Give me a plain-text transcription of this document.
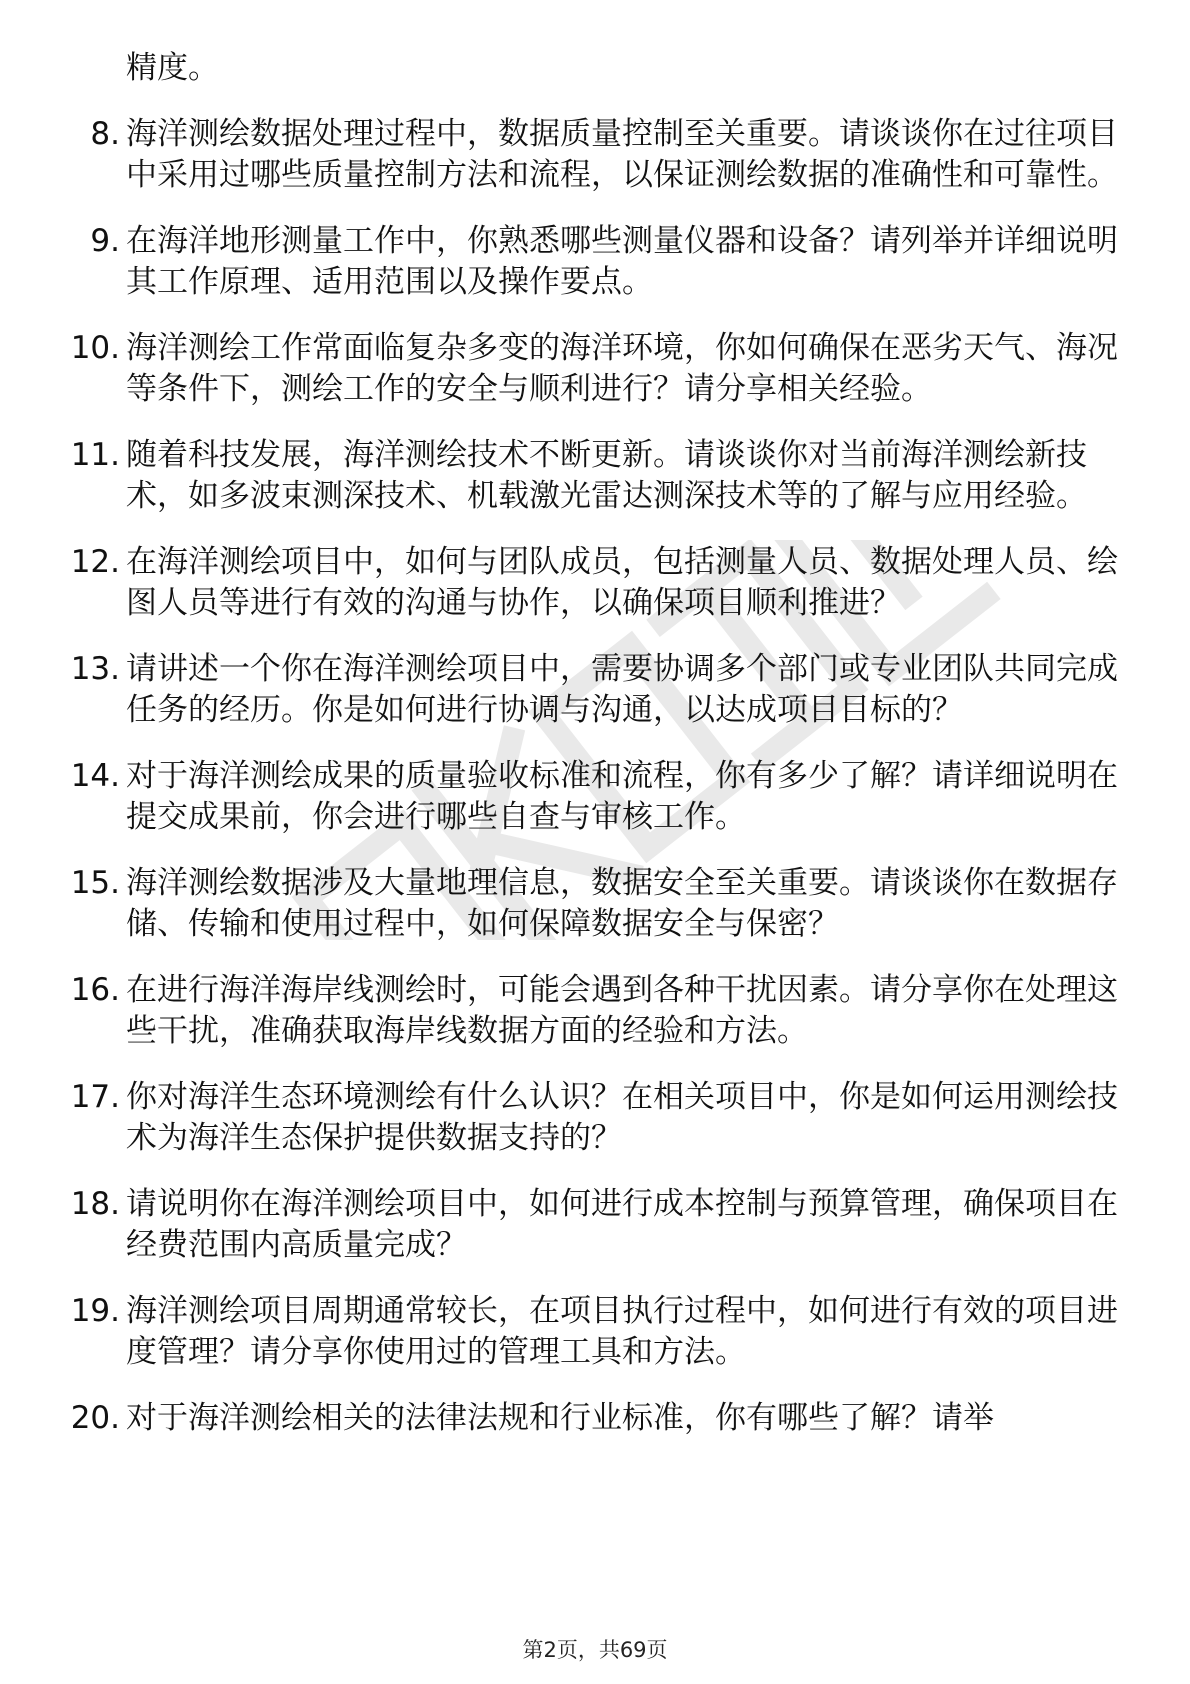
精度。
8. 海洋测绘数据处理过程中，数据质量控制至关重要。请谈谈你在过往项目中采用过哪些质量控制方法和流程，以保证测绘数据的准确性和可靠性。
9. 在海洋地形测量工作中，你熟悉哪些测量仪器和设备？请列举并详细说明其工作原理、适用范围以及操作要点。
10. 海洋测绘工作常面临复杂多变的海洋环境，你如何确保在恶劣天气、海况等条件下，测绘工作的安全与顺利进行？请分享相关经验。
11. 随着科技发展，海洋测绘技术不断更新。请谈谈你对当前海洋测绘新技术，如多波束测深技术、机载激光雷达测深技术等的了解与应用经验。
12. 在海洋测绘项目中，如何与团队成员，包括测量人员、数据处理人员、绘图人员等进行有效的沟通与协作，以确保项目顺利推进？
13. 请讲述一个你在海洋测绘项目中，需要协调多个部门或专业团队共同完成任务的经历。你是如何进行协调与沟通，以达成项目目标的？
14. 对于海洋测绘成果的质量验收标准和流程，你有多少了解？请详细说明在提交成果前，你会进行哪些自查与审核工作。
15. 海洋测绘数据涉及大量地理信息，数据安全至关重要。请谈谈你在数据存储、传输和使用过程中，如何保障数据安全与保密？
16. 在进行海洋海岸线测绘时，可能会遇到各种干扰因素。请分享你在处理这些干扰，准确获取海岸线数据方面的经验和方法。
17. 你对海洋生态环境测绘有什么认识？在相关项目中，你是如何运用测绘技术为海洋生态保护提供数据支持的？
18. 请说明你在海洋测绘项目中，如何进行成本控制与预算管理，确保项目在经费范围内高质量完成？
19. 海洋测绘项目周期通常较长，在项目执行过程中，如何进行有效的项目进度管理？请分享你使用过的管理工具和方法。
20. 对于海洋测绘相关的法律法规和行业标准，你有哪些了解？请举
第2页，共69页
